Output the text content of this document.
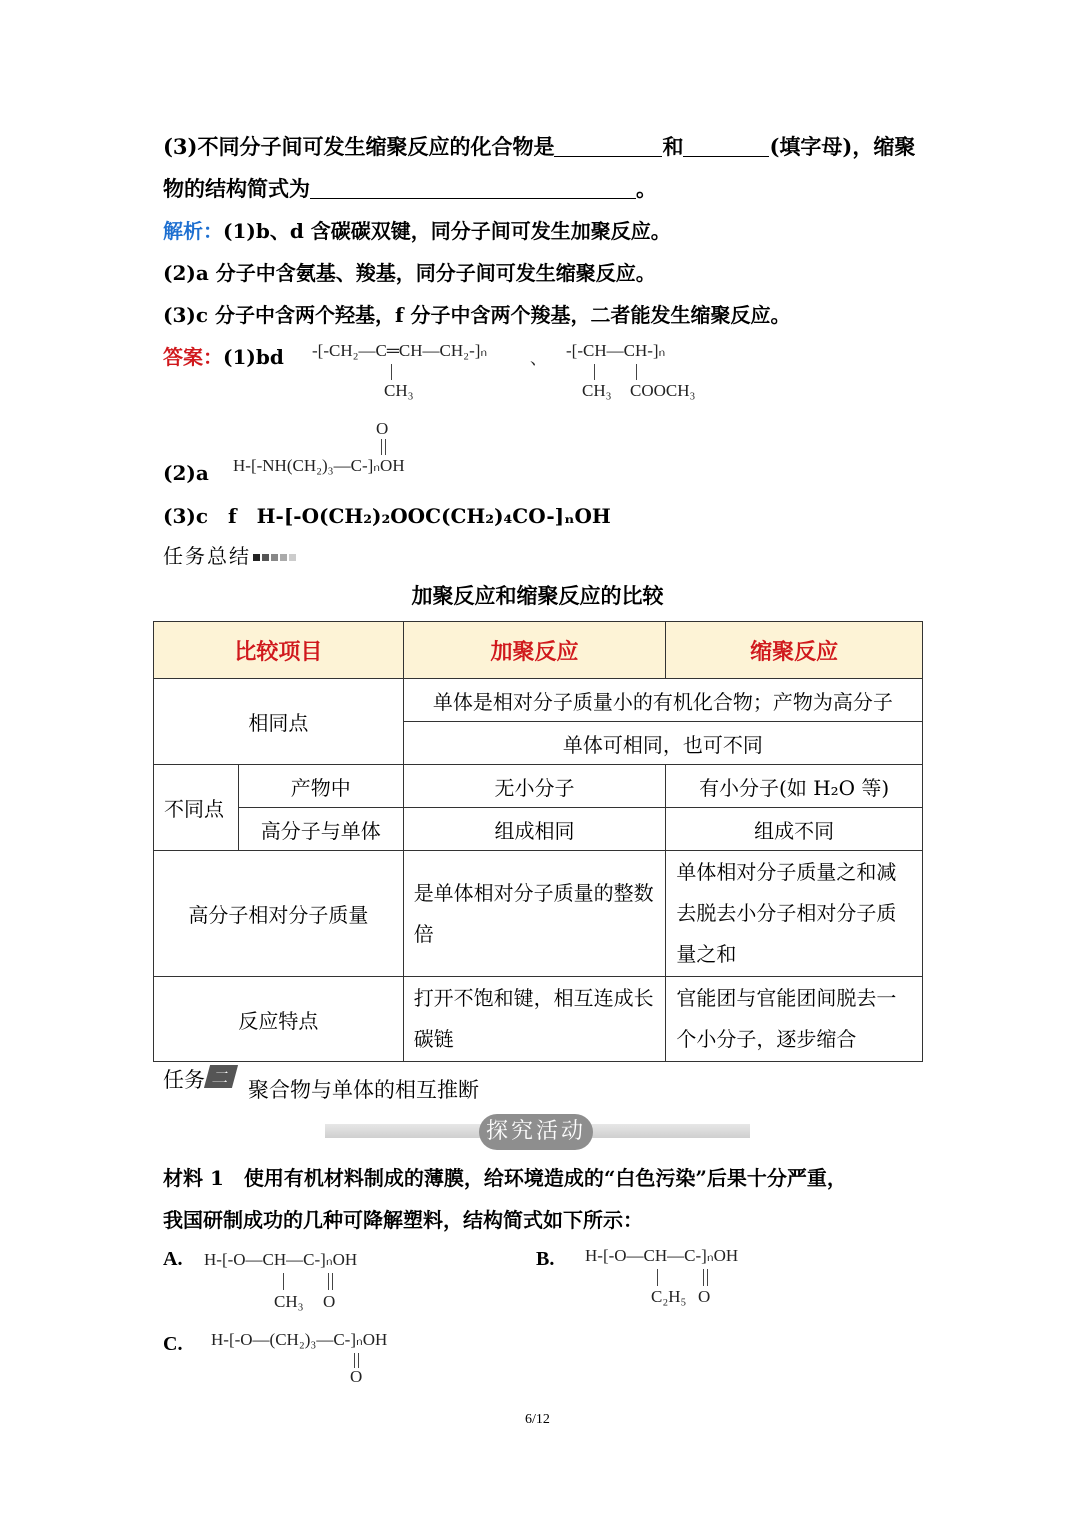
(3)不同分子间可发生缩聚反应的化合物是	和	(填字母)，缩聚
物的结构简式为	。
解析：(1)b、d 含碳碳双键，同分子间可发生加聚反应。
(2)a 分子中含氨基、羧基，同分子间可发生缩聚反应。
(3)c 分子中含两个羟基，f 分子中含两个羧基，二者能发生缩聚反应。
答案：(1)bd -[-CH₂—C═CH—CH₂-]ₙ
CH₃
、 -[-CH—CH-]ₙ
CH₃ COOCH₃
O
(2)a H-[-NH(CH₂)₃—C-]ₙOH
(3)c　f　H-[-O(CH₂)₂OOC(CH₂)₄CO-]ₙOH
任务总结
加聚反应和缩聚反应的比较
比较项目		加聚反应	缩聚反应
相同点		单体是相对分子质量小的有机化合物；产物为高分子	
		单体可相同，也可不同	
不同点	产物中	无小分子	有小分子(如 H₂O 等)
	高分子与单体	组成相同	组成不同
高分子相对分子质量		是单体相对分子质量的整数倍	单体相对分子质量之和减去脱去小分子相对分子质量之和
反应特点		打开不饱和键，相互连成长碳链	官能团与官能团间脱去一个小分子，逐步缩合
任务 二
聚合物与单体的相互推断
探究活动
材料 1　使用有机材料制成的薄膜，给环境造成的“白色污染”后果十分严重，
我国研制成功的几种可降解塑料，结构简式如下所示：
A. H-[-O—CH—C-]ₙOH
CH₃ O
B. H-[-O—CH—C-]ₙOH
C₂H₅ O
C. H-[-O—(CH₂)₃—C-]ₙOH
O
6/12
